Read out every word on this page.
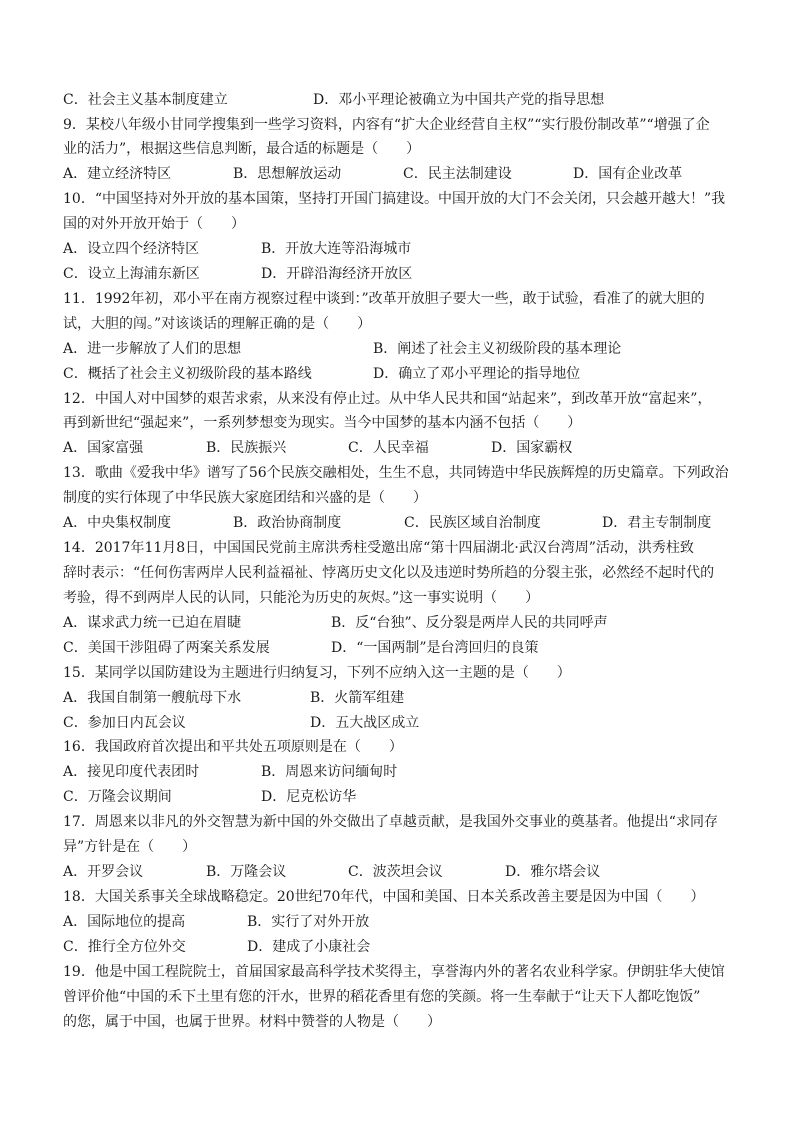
C．社会主义基本制度建立	D．邓小平理论被确立为中国共产党的指导思想
9．某校八年级小甘同学搜集到一些学习资料，内容有“扩大企业经营自主权”“实行股份制改革”“增强了企
业的活力”，根据这些信息判断，最合适的标题是（　　）
A．建立经济特区	B．思想解放运动	C．民主法制建设	D．国有企业改革
10．“中国坚持对外开放的基本国策，坚持打开国门搞建设。中国开放的大门不会关闭，只会越开越大！”我
国的对外开放开始于（　　）
A．设立四个经济特区	B．开放大连等沿海城市
C．设立上海浦东新区	D．开辟沿海经济开放区
11．1992年初，邓小平在南方视察过程中谈到：”改革开放胆子要大一些，敢于试验，看准了的就大胆的
试，大胆的闯。”对该谈话的理解正确的是（　　）
A．进一步解放了人们的思想	B．阐述了社会主义初级阶段的基本理论
C．概括了社会主义初级阶段的基本路线	D．确立了邓小平理论的指导地位
12．中国人对中国梦的艰苦求索，从来没有停止过。从中华人民共和国“站起来”，到改革开放“富起来”，
再到新世纪“强起来”，一系列梦想变为现实。当今中国梦的基本内涵不包括（　　）
A．国家富强	B．民族振兴	C．人民幸福	D．国家霸权
13．歌曲《爱我中华》谱写了56个民族交融相处，生生不息，共同铸造中华民族辉煌的历史篇章。下列政治
制度的实行体现了中华民族大家庭团结和兴盛的是（　　）
A．中央集权制度	B．政治协商制度	C．民族区域自治制度	D．君主专制制度
14．2017年11月8日，中国国民党前主席洪秀柱受邀出席“第十四届湖北·武汉台湾周”活动，洪秀柱致
辞时表示：“任何伤害两岸人民利益福祉、悖离历史文化以及违逆时势所趋的分裂主张，必然经不起时代的
考验，得不到两岸人民的认同，只能沦为历史的灰烬。”这一事实说明（　　）
A．谋求武力统一已迫在眉睫	B．反“台独”、反分裂是两岸人民的共同呼声
C．美国干涉阻碍了两案关系发展	D．“一国两制”是台湾回归的良策
15．某同学以国防建设为主题进行归纳复习，下列不应纳入这一主题的是（　　）
A．我国自制第一艘航母下水	B．火箭军组建
C．参加日内瓦会议	D．五大战区成立
16．我国政府首次提出和平共处五项原则是在（　　）
A．接见印度代表团时	B．周恩来访问缅甸时
C．万隆会议期间	D．尼克松访华
17．周恩来以非凡的外交智慧为新中国的外交做出了卓越贡献，是我国外交事业的奠基者。他提出“求同存
异”方针是在（　　）
A．开罗会议	B．万隆会议	C．波茨坦会议	D．雅尔塔会议
18．大国关系事关全球战略稳定。20世纪70年代，中国和美国、日本关系改善主要是因为中国（　　）
A．国际地位的提高	B．实行了对外开放
C．推行全方位外交	D．建成了小康社会
19．他是中国工程院院士，首届国家最高科学技术奖得主，享誉海内外的著名农业科学家。伊朗驻华大使馆
曾评价他“中国的禾下土里有您的汗水，世界的稻花香里有您的笑颜。将一生奉献于“让天下人都吃饱饭”
的您，属于中国，也属于世界。材料中赞誉的人物是（　　）
